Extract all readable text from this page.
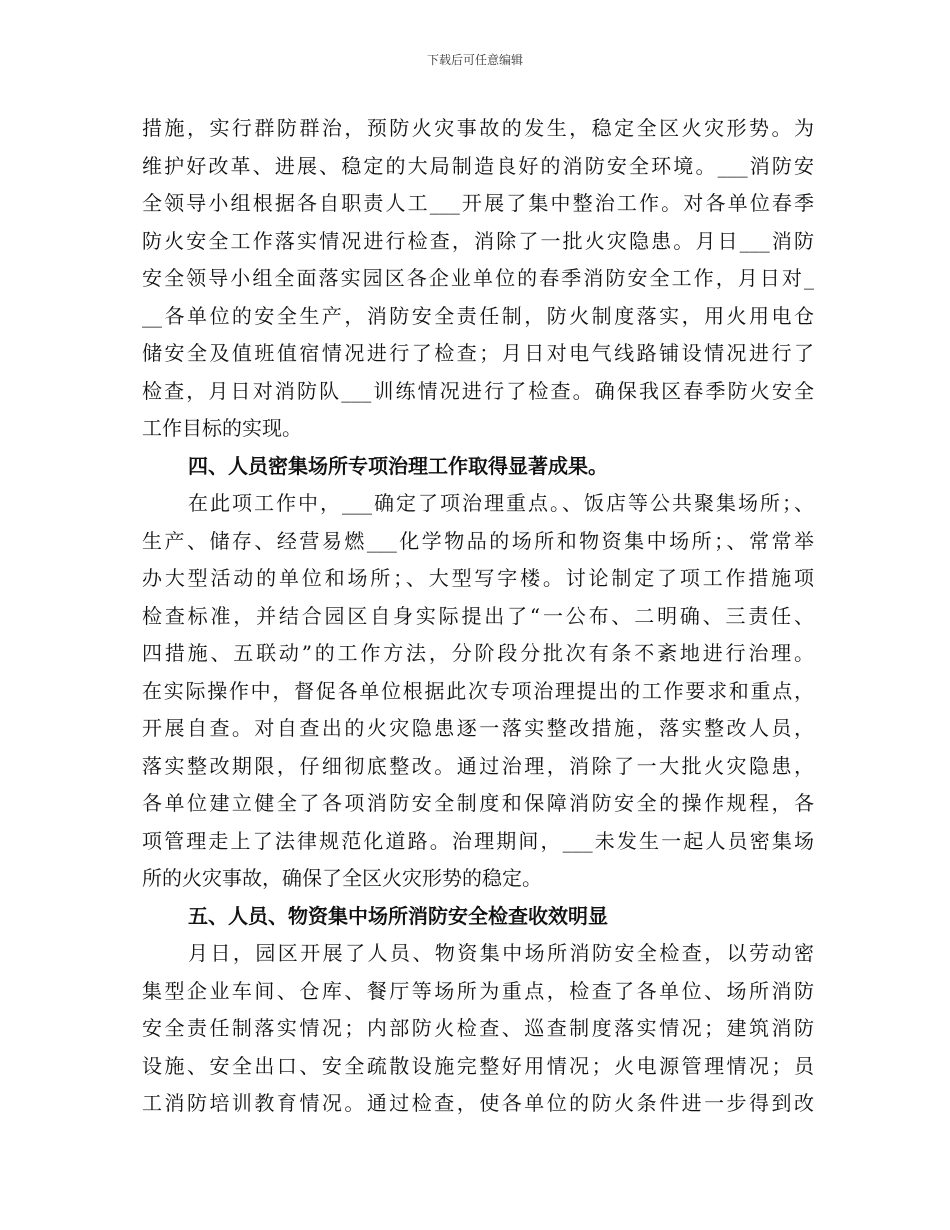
下载后可任意编辑
措施，实行群防群治，预防火灾事故的发生，稳定全区火灾形势。为
维护好改革、进展、稳定的大局制造良好的消防安全环境。___消防安
全领导小组根据各自职责人工___开展了集中整治工作。对各单位春季
防火安全工作落实情况进行检查，消除了一批火灾隐患。月日___消防
安全领导小组全面落实园区各企业单位的春季消防安全工作，月日对_
__各单位的安全生产，消防安全责任制，防火制度落实，用火用电仓
储安全及值班值宿情况进行了检查；月日对电气线路铺设情况进行了
检查，月日对消防队___训练情况进行了检查。确保我区春季防火安全
工作目标的实现。
四、人员密集场所专项治理工作取得显著成果。
在此项工作中，___确定了项治理重点。、饭店等公共聚集场所；、
生产、储存、经营易燃___化学物品的场所和物资集中场所；、常常举
办大型活动的单位和场所；、大型写字楼。讨论制定了项工作措施项
检查标准，并结合园区自身实际提出了“一公布、二明确、三责任、
四措施、五联动”的工作方法，分阶段分批次有条不紊地进行治理。
在实际操作中，督促各单位根据此次专项治理提出的工作要求和重点，
开展自查。对自查出的火灾隐患逐一落实整改措施，落实整改人员，
落实整改期限，仔细彻底整改。通过治理，消除了一大批火灾隐患，
各单位建立健全了各项消防安全制度和保障消防安全的操作规程，各
项管理走上了法律规范化道路。治理期间，___未发生一起人员密集场
所的火灾事故，确保了全区火灾形势的稳定。
五、人员、物资集中场所消防安全检查收效明显
月日，园区开展了人员、物资集中场所消防安全检查，以劳动密
集型企业车间、仓库、餐厅等场所为重点，检查了各单位、场所消防
安全责任制落实情况；内部防火检查、巡查制度落实情况；建筑消防
设施、安全出口、安全疏散设施完整好用情况；火电源管理情况；员
工消防培训教育情况。通过检查，使各单位的防火条件进一步得到改
